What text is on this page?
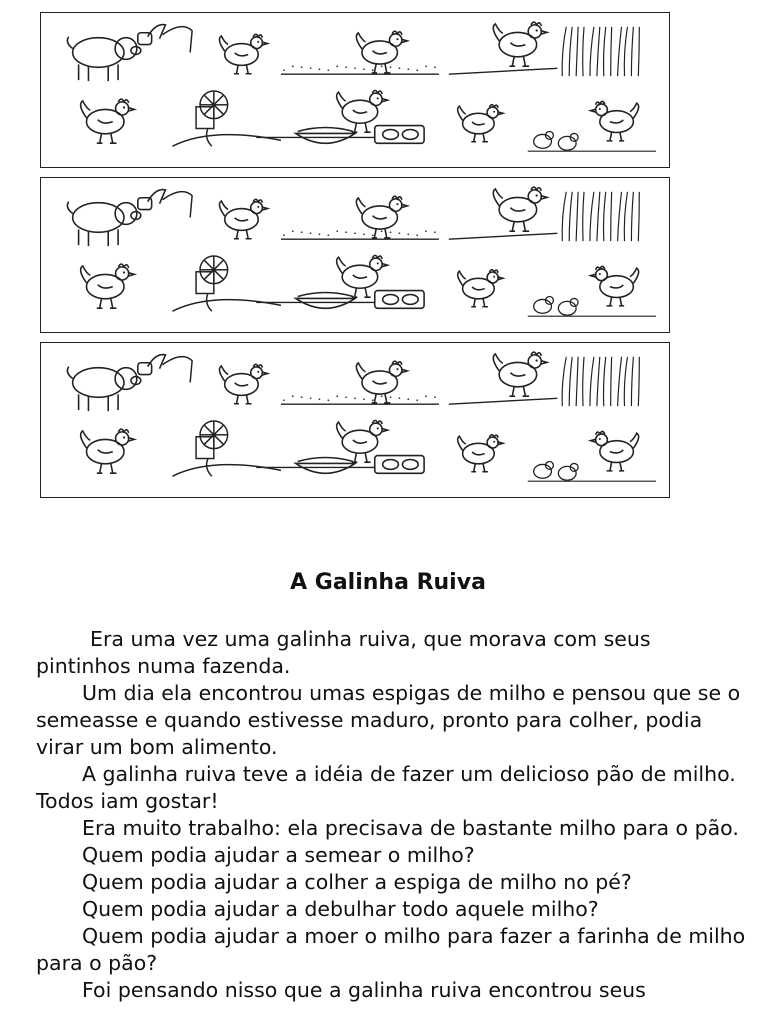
A Galinha Ruiva

Era uma vez uma galinha ruiva, que morava com seus pintinhos numa fazenda.

Um dia ela encontrou umas espigas de milho e pensou que se o semeasse e quando estivesse maduro, pronto para colher, podia virar um bom alimento.

A galinha ruiva teve a idéia de fazer um delicioso pão de milho. Todos iam gostar!

Era muito trabalho: ela precisava de bastante milho para o pão.

Quem podia ajudar a semear o milho?

Quem podia ajudar a colher a espiga de milho no pé?

Quem podia ajudar a debulhar todo aquele milho?

Quem podia ajudar a moer o milho para fazer a farinha de milho para o pão?

Foi pensando nisso que a galinha ruiva encontrou seus
